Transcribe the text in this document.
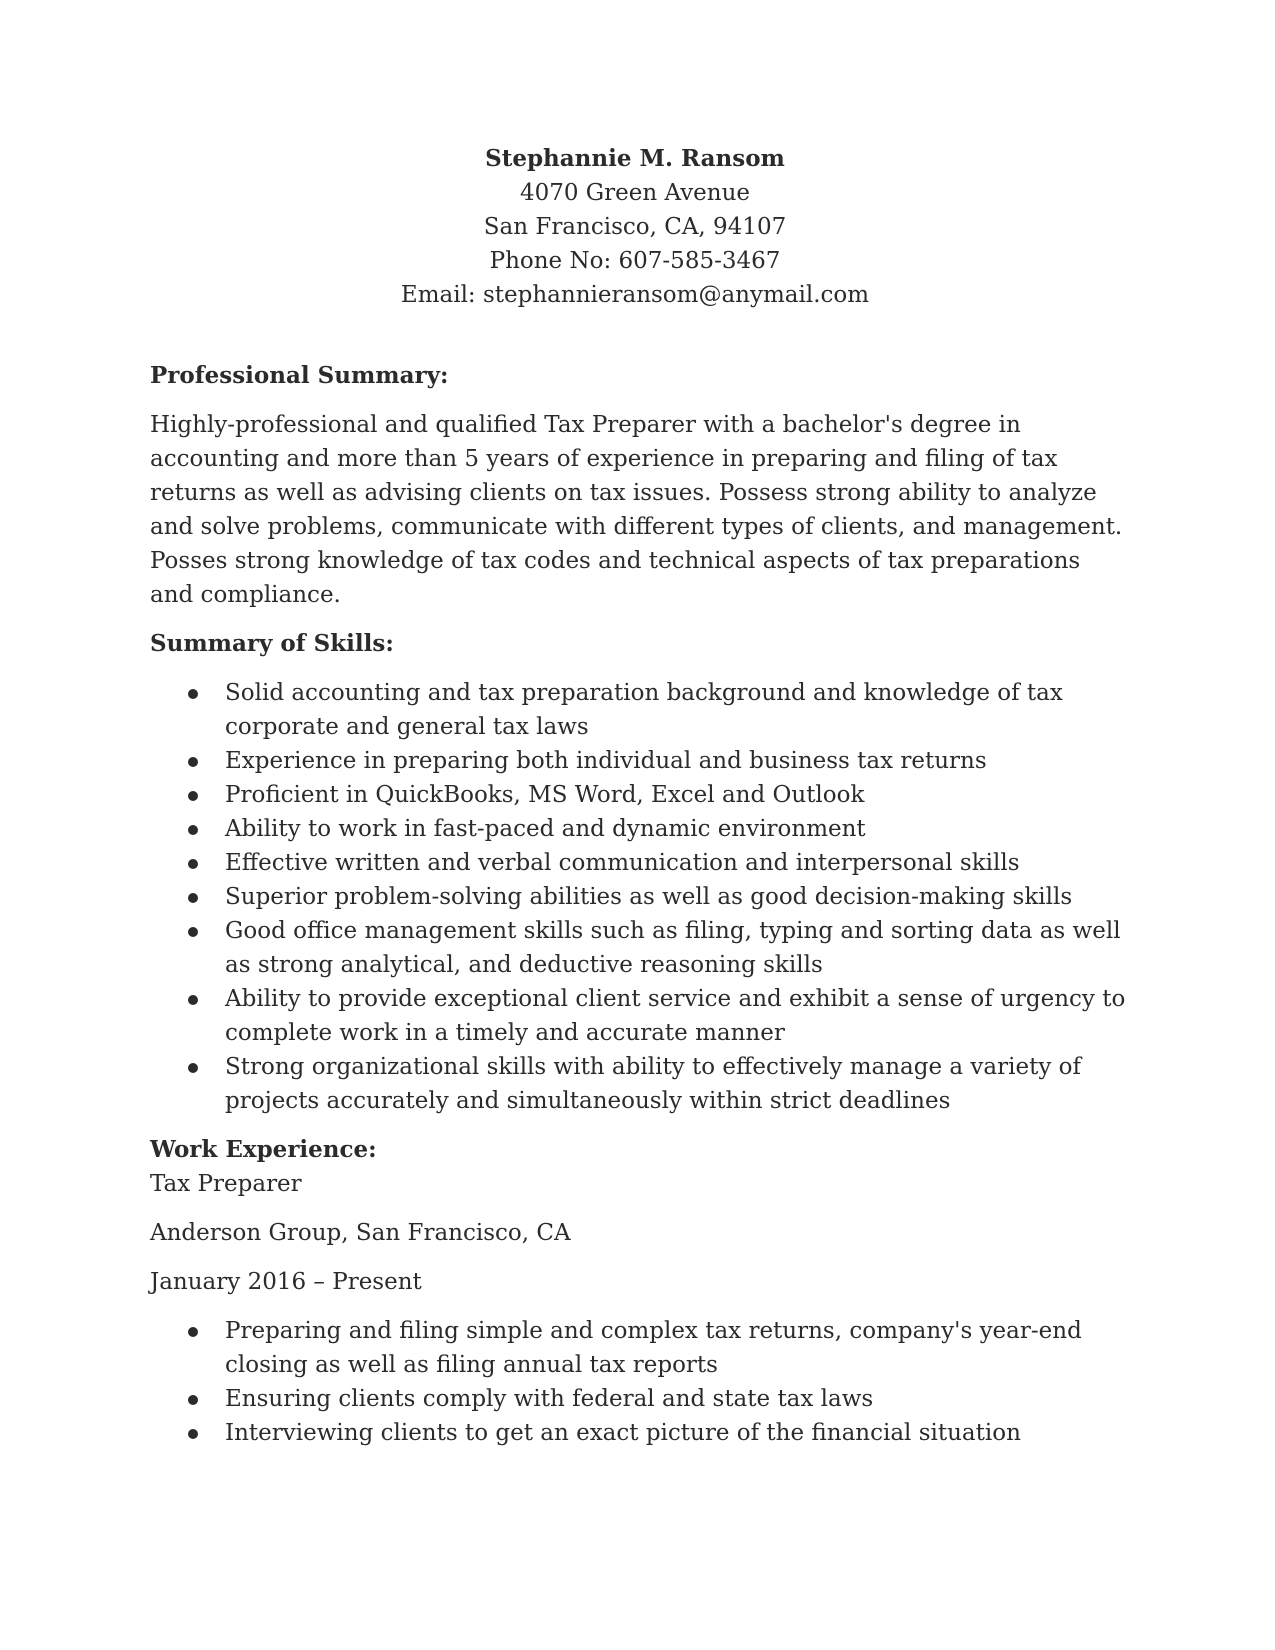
Stephannie M. Ransom
4070 Green Avenue
San Francisco, CA, 94107
Phone No: 607-585-3467
Email: stephannieransom@anymail.com
Professional Summary:

Highly-professional and qualified Tax Preparer with a bachelor's degree in accounting and more than 5 years of experience in preparing and filing of tax returns as well as advising clients on tax issues. Possess strong ability to analyze and solve problems, communicate with different types of clients, and management. Posses strong knowledge of tax codes and technical aspects of tax preparations and compliance.

Summary of Skills:
Solid accounting and tax preparation background and knowledge of tax corporate and general tax laws
Experience in preparing both individual and business tax returns
Proficient in QuickBooks, MS Word, Excel and Outlook
Ability to work in fast-paced and dynamic environment
Effective written and verbal communication and interpersonal skills
Superior problem-solving abilities as well as good decision-making skills
Good office management skills such as filing, typing and sorting data as well as strong analytical, and deductive reasoning skills
Ability to provide exceptional client service and exhibit a sense of urgency to complete work in a timely and accurate manner
Strong organizational skills with ability to effectively manage a variety of projects accurately and simultaneously within strict deadlines
Work Experience:
Tax Preparer
Anderson Group, San Francisco, CA
January 2016 – Present
Preparing and filing simple and complex tax returns, company's year-end closing as well as filing annual tax reports
Ensuring clients comply with federal and state tax laws
Interviewing clients to get an exact picture of the financial situation
